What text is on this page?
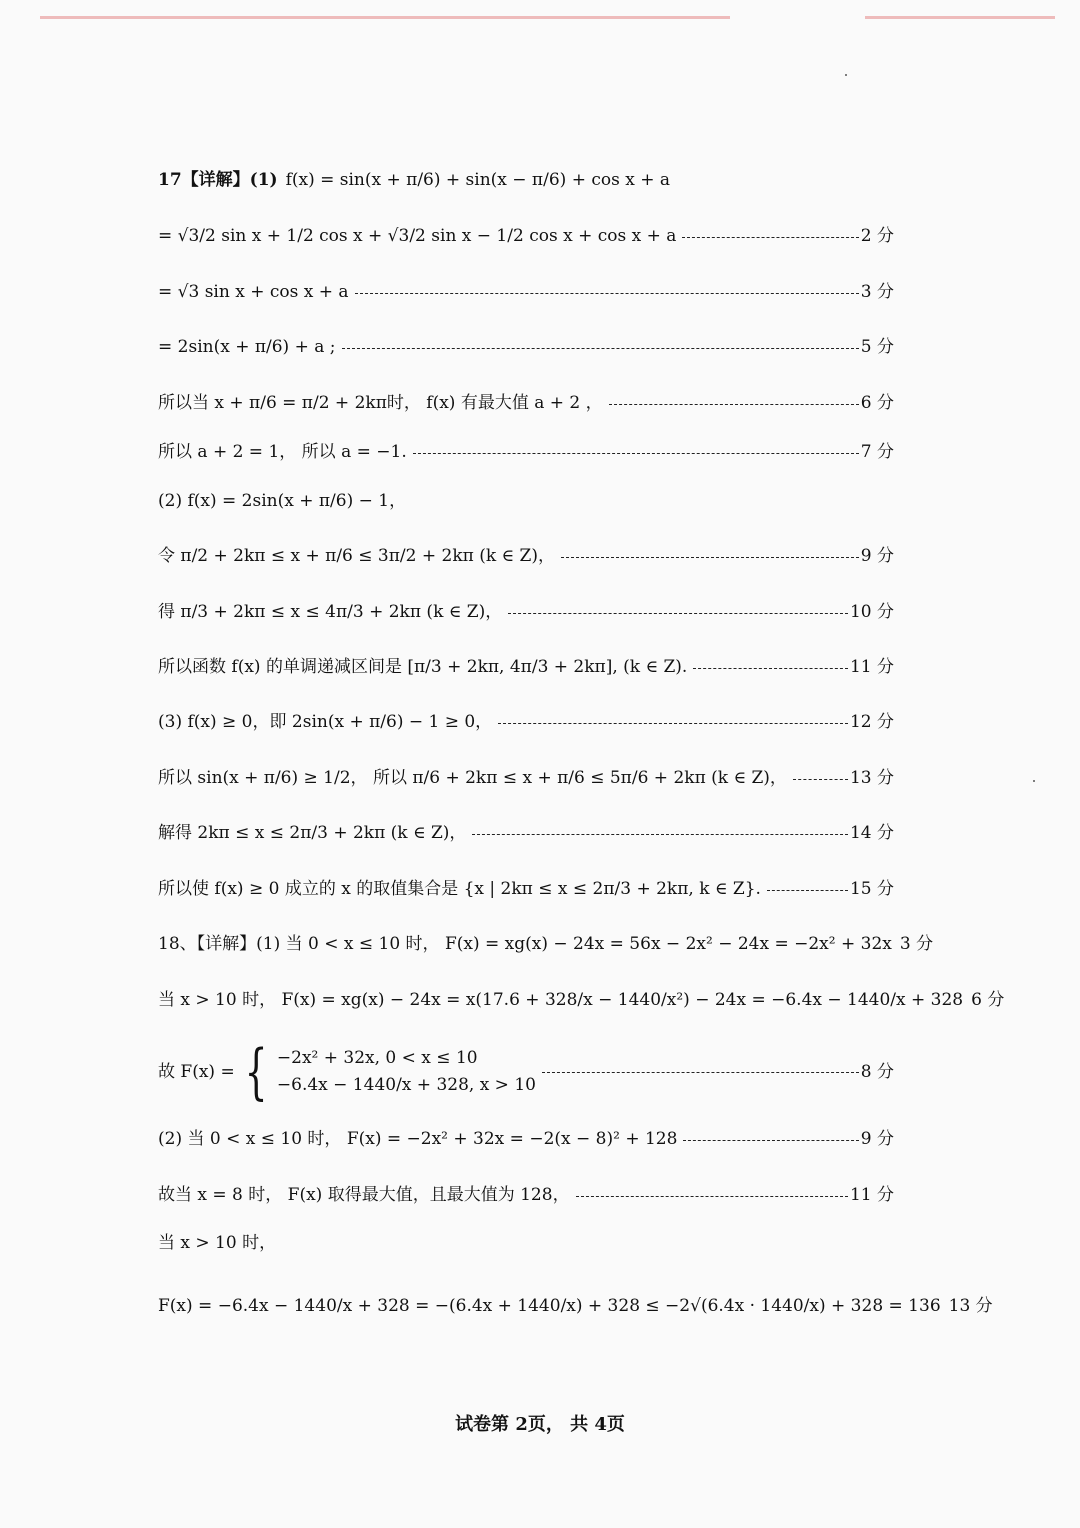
17【详解】(1) f(x) = sin(x + π/6) + sin(x − π/6) + cos x + a
= √3/2 sin x + 1/2 cos x + √3/2 sin x − 1/2 cos x + cos x + a	2 分
= √3 sin x + cos x + a	3 分
= 2sin(x + π/6) + a ;	5 分
所以当 x + π/6 = π/2 + 2kπ时， f(x) 有最大值 a + 2 ，	6 分
所以 a + 2 = 1， 所以 a = −1.	7 分
(2) f(x) = 2sin(x + π/6) − 1，
令 π/2 + 2kπ ≤ x + π/6 ≤ 3π/2 + 2kπ (k ∈ Z)，	9 分
得 π/3 + 2kπ ≤ x ≤ 4π/3 + 2kπ (k ∈ Z)，	10 分
所以函数 f(x) 的单调递减区间是 [π/3 + 2kπ, 4π/3 + 2kπ], (k ∈ Z).	11 分
(3) f(x) ≥ 0，即 2sin(x + π/6) − 1 ≥ 0，	12 分
所以 sin(x + π/6) ≥ 1/2， 所以 π/6 + 2kπ ≤ x + π/6 ≤ 5π/6 + 2kπ (k ∈ Z)，	13 分
解得 2kπ ≤ x ≤ 2π/3 + 2kπ (k ∈ Z)，	14 分
所以使 f(x) ≥ 0 成立的 x 的取值集合是 {x | 2kπ ≤ x ≤ 2π/3 + 2kπ, k ∈ Z}.	15 分
18、【详解】(1) 当 0 < x ≤ 10 时， F(x) = xg(x) − 24x = 56x − 2x² − 24x = −2x² + 32x 3 分
当 x > 10 时， F(x) = xg(x) − 24x = x(17.6 + 328/x − 1440/x²) − 24x = −6.4x − 1440/x + 328 6 分
故 F(x) = { −2x² + 32x, 0 < x ≤ 10
−6.4x − 1440/x + 328, x > 10
8 分
(2) 当 0 < x ≤ 10 时， F(x) = −2x² + 32x = −2(x − 8)² + 128	9 分
故当 x = 8 时， F(x) 取得最大值，且最大值为 128，	11 分
当 x > 10 时，
F(x) = −6.4x − 1440/x + 328 = −(6.4x + 1440/x) + 328 ≤ −2√(6.4x · 1440/x) + 328 = 136 13 分
试卷第 2页， 共 4页
